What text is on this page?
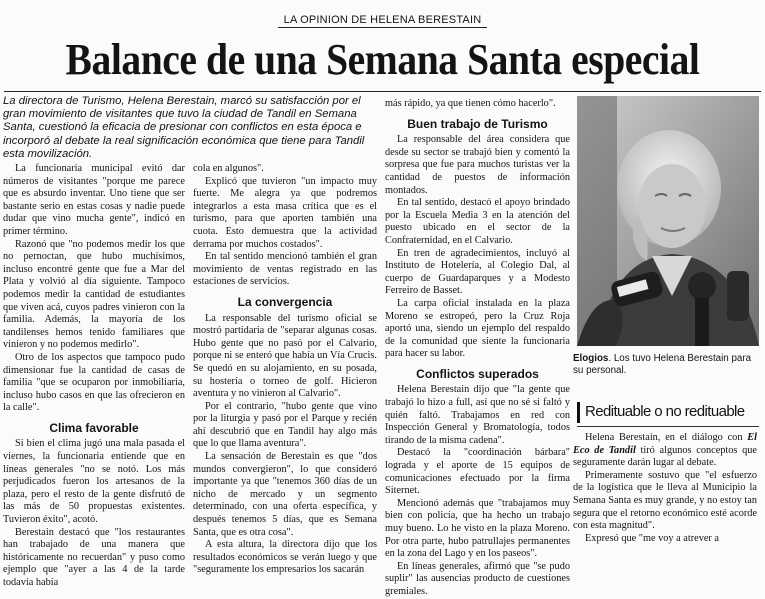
LA OPINION DE HELENA BERESTAIN
Balance de una Semana Santa especial
La directora de Turismo, Helena Berestain, marcó su satisfacción por el gran movimiento de visitantes que tuvo la ciudad de Tandil en Semana Santa, cuestionó la eficacia de presionar con conflictos en esta época e incorporó al debate la real significación económica que tiene para Tandil esta movilización.

La funcionaria municipal evitó dar números de visitantes "porque me parece que es absurdo inventar. Uno tiene que ser bastante serio en estas cosas y nadie puede dudar que vino mucha gente", indicó en primer término.

Razonó que "no podemos medir los que no pernoctan, que hubo muchísimos, incluso encontré gente que fue a Mar del Plata y volvió al día siguiente. Tampoco podemos medir la cantidad de estudiantes que viven acá, cuyos padres vinieron con la familia. Además, la mayoría de los tandilenses hemos tenido familiares que vinieron y no podemos medirlo".

Otro de los aspectos que tampoco pudo dimensionar fue la cantidad de casas de familia "que se ocuparon por inmobiliaria, incluso hubo casos en que las ofrecieron en la calle".

Clima favorable

Si bien el clima jugó una mala pasada el viernes, la funcionaria entiende que en líneas generales "no se notó. Los más perjudicados fueron los artesanos de la plaza, pero el resto de la gente disfrutó de las más de 50 propuestas existentes. Tuvieron éxito", acotó.

Berestain destacó que "los restaurantes han trabajado de una manera que históricamente no recuerdan" y puso como ejemplo que "ayer a las 4 de la tarde todavía había

cola en algunos".

Explicó que tuvieron "un impacto muy fuerte. Me alegra ya que podremos integrarlos a esta masa crítica que es el turismo, para que aporten también una cuota. Esto demuestra que la actividad derrama por muchos costados".

En tal sentido mencionó también el gran movimiento de ventas registrado en las estaciones de servicios.

La convergencia

La responsable del turismo oficial se mostró partidaria de "separar algunas cosas. Hubo gente que no pasó por el Calvario, porque ni se enteró que había un Vía Crucis. Se quedó en su alojamiento, en su posada, su hostería o torneo de golf. Hicieron aventura y no vinieron al Calvario".

Por el contrario, "hubo gente que vino por la liturgia y pasó por el Parque y recién ahí descubrió que en Tandil hay algo más que lo que llama aventura".

La sensación de Berestain es que "dos mundos convergieron", lo que consideró importante ya que "tenemos 360 días de un nicho de mercado y un segmento determinado, con una oferta específica, y después tenemos 5 días, que es Semana Santa, que es otra cosa".

A esta altura, la directora dijo que los resultados económicos se verán luego y que "seguramente los empresarios los sacarán

más rápido, ya que tienen cómo hacerlo".

Buen trabajo de Turismo

La responsable del área considera que desde su sector se trabajó bien y comentó la sorpresa que fue para muchos turistas ver la cantidad de puestos de información montados.

En tal sentido, destacó el apoyo brindado por la Escuela Media 3 en la atención del puesto ubicado en el sector de la Confraternidad, en el Calvario.

En tren de agradecimientos, incluyó al Instituto de Hotelería, al Colegio Dal, al cuerpo de Guardaparques y a Modesto Ferreiro de Basset.

La carpa oficial instalada en la plaza Moreno se estropeó, pero la Cruz Roja aportó una, siendo un ejemplo del respaldo de la comunidad que siente la funcionaria para hacer su labor.

Conflictos superados

Helena Berestain dijo que "la gente que trabajó lo hizo a full, así que no sé si faltó y quién faltó. Trabajamos en red con Inspección General y Bromatología, todos tirando de la misma cadena".

Destacó la "coordinación bárbara" lograda y el aporte de 15 equipos de comunicaciones efectuado por la firma Siternet.

Mencionó además que "trabajamos muy bien con policía, que ha hecho un trabajo muy bueno. Lo he visto en la plaza Moreno. Por otra parte, hubo patrullajes permanentes en la zona del Lago y en los paseos".

En líneas generales, afirmó que "se pudo suplir" las ausencias producto de cuestiones gremiales.

Elogios. Los tuvo Helena Berestain para su personal.
Redituable o no redituable

Helena Berestain, en el diálogo con El Eco de Tandil tiró algunos conceptos que seguramente darán lugar al debate.

Primeramente sostuvo que "el esfuerzo de la logística que le lleva al Municipio la Semana Santa es muy grande, y no estoy tan segura que el retorno económico esté acorde con esta magnitud".

Expresó que "me voy a atrever a
